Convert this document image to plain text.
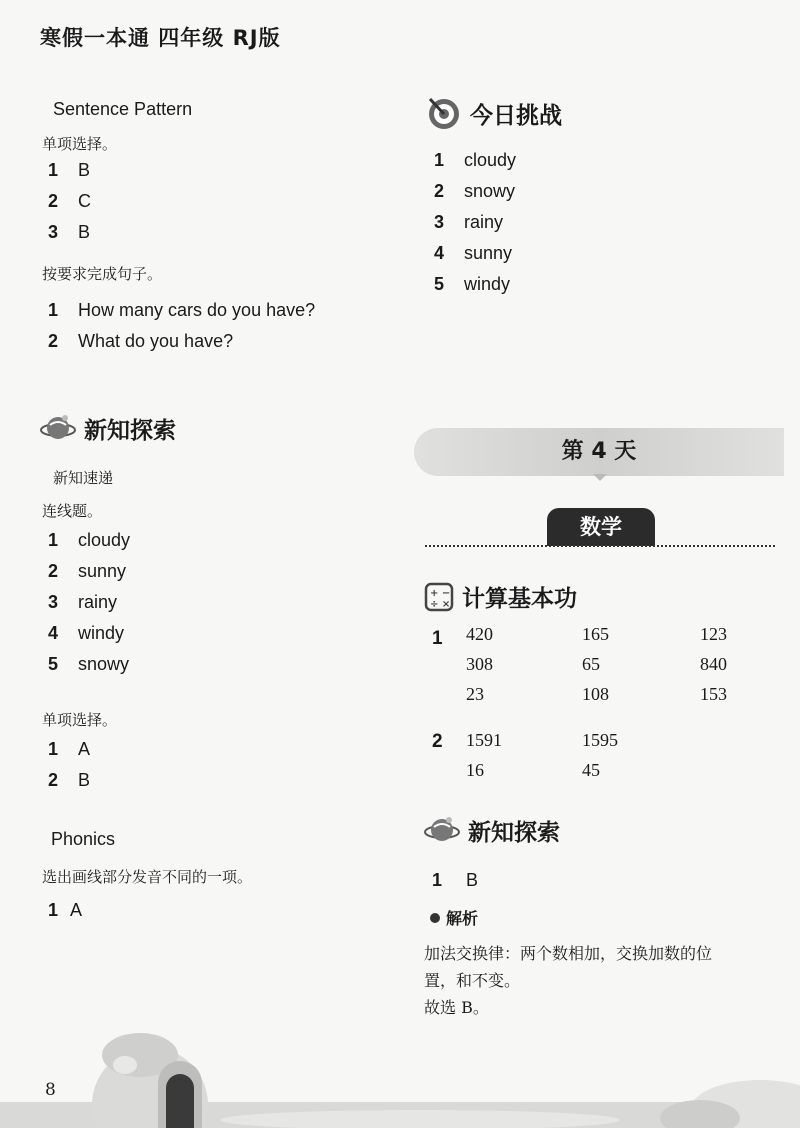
寒假一本通 四年级 RJ版
Sentence Pattern
单项选择。
1	B
2	C
3	B
按要求完成句子。
1	How many cars do you have?
2	What do you have?
新知探索
新知速递
连线题。
1	cloudy
2	sunny
3	rainy
4	windy
5	snowy
单项选择。
1	A
2	B
Phonics
选出画线部分发音不同的一项。
1 A
今日挑战
1	cloudy
2	snowy
3	rainy
4	sunny
5	windy
第 4 天
数学
+ −
÷ × 计算基本功
1 420	165	123
308	65	840
23	108	153
2 1591	1595
16	45
新知探索
1	B
解析
加法交换律：两个数相加，交换加数的位
置，和不变。
故选 B。
8
